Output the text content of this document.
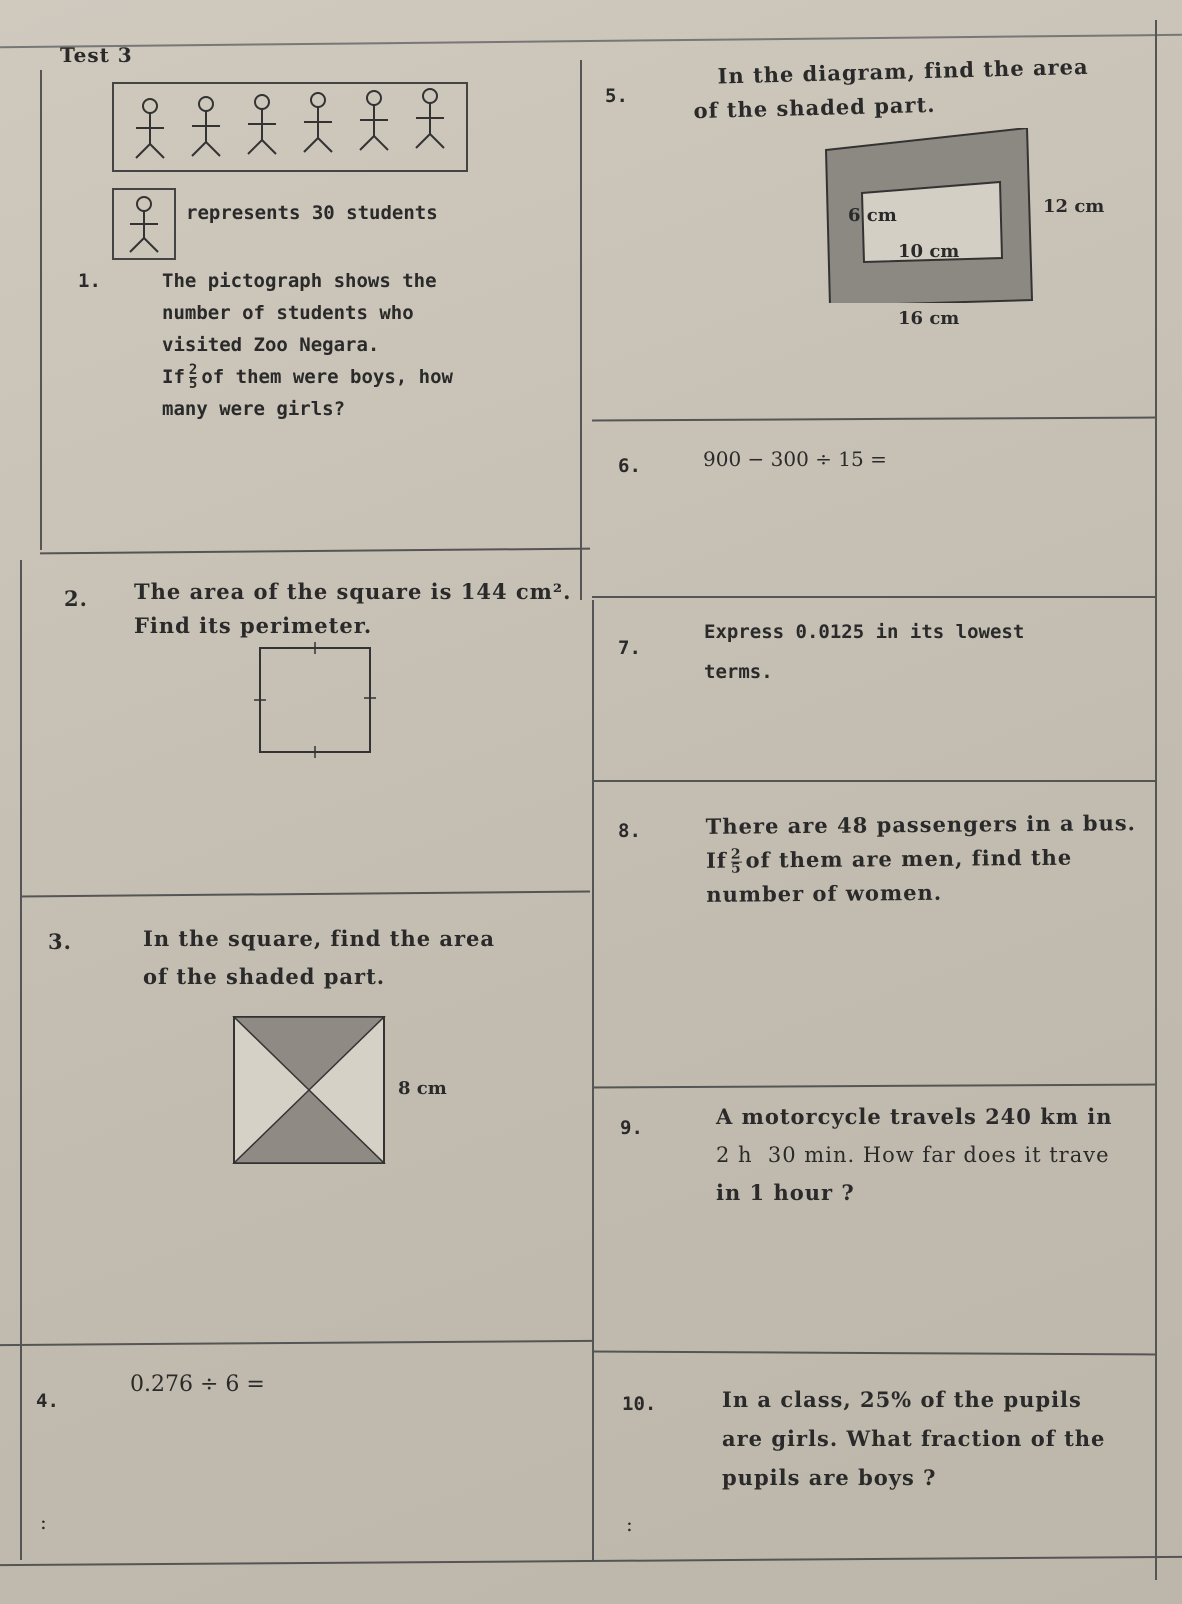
Test 3
represents 30 students
1.	The pictograph shows the
number of students who
visited Zoo Negara.
If $\frac{2}{5}$ of them were boys, how
many were girls?
2. The area of the square is 144 cm².
Find its perimeter.
3.	In the square, find the area
of the shaded part.
8 cm
4.
0.276 ÷ 6 =
:
5.
In the diagram, find the area
of the shaded part.
6 cm
10 cm
12 cm
16 cm
6.	900 − 300 ÷ 15 =
7.
Express 0.0125 in its lowest
terms.
8.	There are 48 passengers in a bus.
If $\frac{2}{5}$ of them are men, find the
number of women.
9.	A motorcycle travels 240 km in
2 h  30 min. How far does it trave
in 1 hour ?
10.	In a class, 25% of the pupils
are girls. What fraction of the
pupils are boys ?
:
